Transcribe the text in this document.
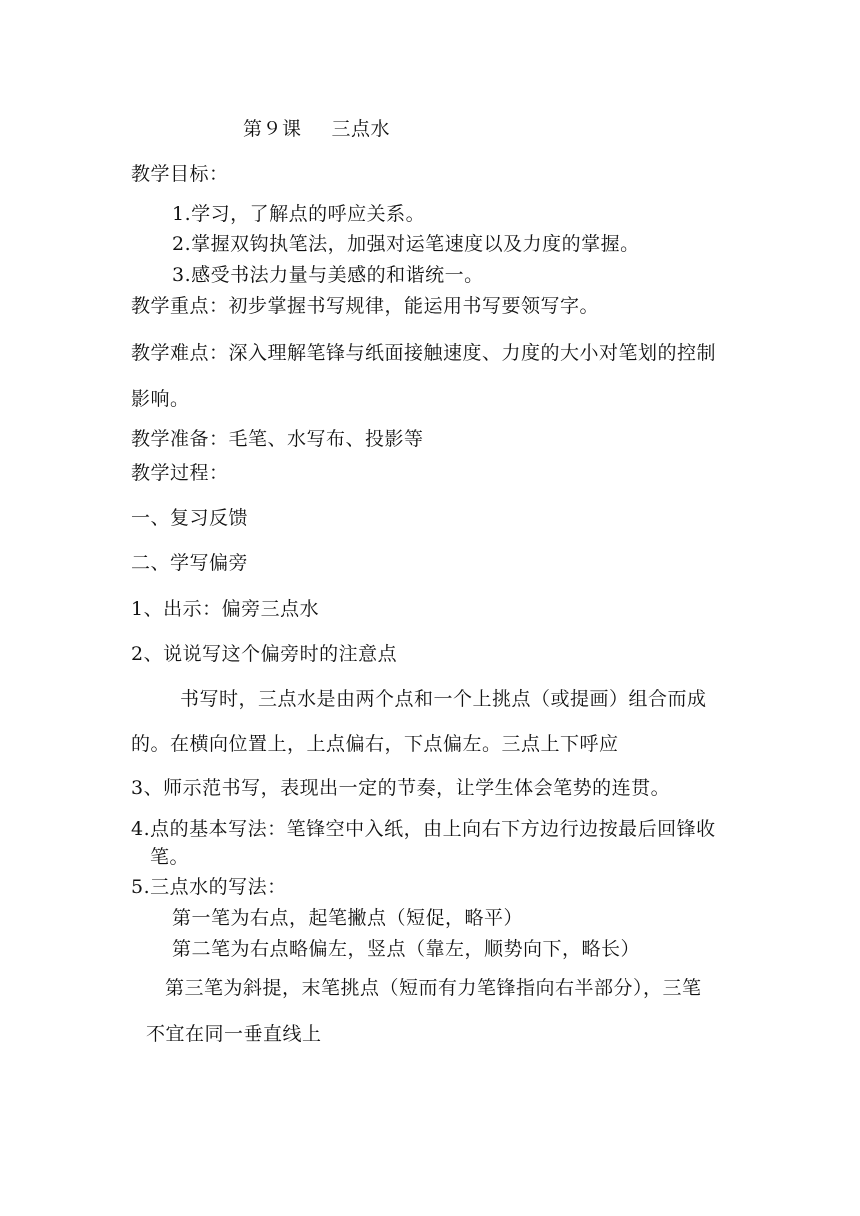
第９课 三点水
教学目标：
1.学习，了解点的呼应关系。
2.掌握双钩执笔法，加强对运笔速度以及力度的掌握。
3.感受书法力量与美感的和谐统一。
教学重点：初步掌握书写规律，能运用书写要领写字。
教学难点：深入理解笔锋与纸面接触速度、力度的大小对笔划的控制
影响。
教学准备：毛笔、水写布、投影等
教学过程：
一、复习反馈
二、学写偏旁
1、出示：偏旁三点水
2、说说写这个偏旁时的注意点
书写时，三点水是由两个点和一个上挑点（或提画）组合而成
的。在横向位置上，上点偏右，下点偏左。三点上下呼应
3、师示范书写，表现出一定的节奏，让学生体会笔势的连贯。
4.点的基本写法：笔锋空中入纸，由上向右下方边行边按最后回锋收
笔。
5.三点水的写法：
第一笔为右点，起笔撇点（短促，略平）
第二笔为右点略偏左，竖点（靠左，顺势向下，略长）
第三笔为斜提，末笔挑点（短而有力笔锋指向右半部分），三笔
不宜在同一垂直线上
